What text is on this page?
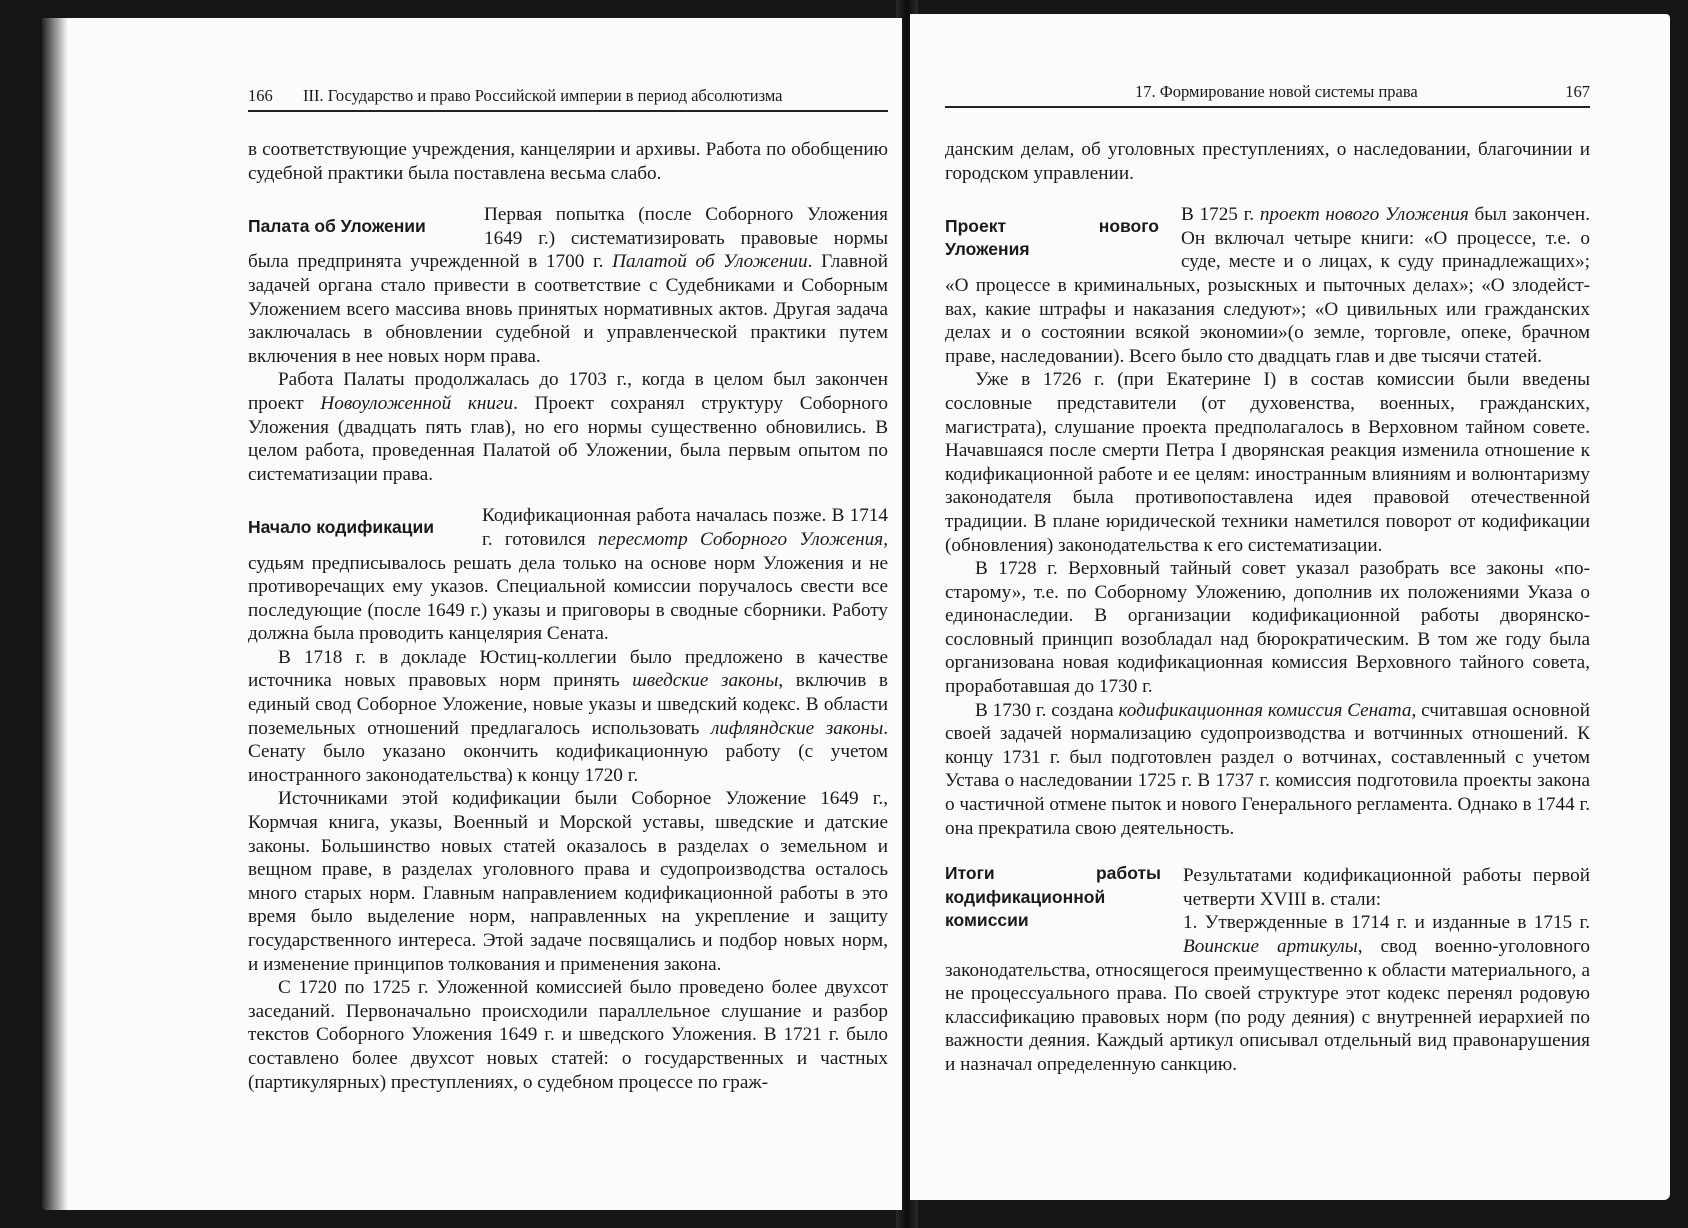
166 III. Государство и право Российской империи в период абсолютизма

в соответствующие учреждения, канцелярии и архивы. Работа по обобщению судебной практики была поставлена весьма слабо.

Палата об Уложении

Первая попытка (после Соборного Уложения 1649 г.) систематизировать правовые нормы была предпринята учрежденной в 1700 г. Палатой об Уложении. Главной задачей органа стало привести в соответствие с Судебниками и Соборным Уложением всего массива вновь принятых нормативных актов. Другая задача заключалась в обновлении судебной и управленческой практики путем включения в нее новых норм права.

Работа Палаты продолжалась до 1703 г., когда в целом был закончен проект Новоуложенной книги. Проект сохранял структуру Соборного Уложения (двадцать пять глав), но его нормы существенно обновились. В целом работа, проведенная Палатой об Уложении, была первым опытом по систематизации права.

Начало кодификации

Кодификационная работа началась позже. В 1714 г. готовился пересмотр Соборного Уложения, судьям предписывалось решать дела только на основе норм Уложения и не противоречащих ему указов. Специальной комиссии поручалось свести все последующие (после 1649 г.) указы и приговоры в сводные сборники. Работу должна была проводить канцелярия Сената.

В 1718 г. в докладе Юстиц-коллегии было предложено в качестве источника новых правовых норм принять шведские законы, включив в единый свод Соборное Уложение, новые указы и шведский кодекс. В области поземельных отношений предлагалось использовать лифляндские законы. Сенату было указано окончить кодификационную работу (с учетом иностранного законодательства) к концу 1720 г.

Источниками этой кодификации были Соборное Уложение 1649 г., Кормчая книга, указы, Военный и Морской уставы, шведские и датские законы. Большинство новых статей оказалось в разделах о земельном и вещном праве, в разделах уголовного права и судопроизводства осталось много старых норм. Главным направлением кодификационной работы в это время было выделение норм, направленных на укрепление и защиту государственного интереса. Этой задаче посвящались и подбор новых норм, и изменение принципов толкования и применения закона.

С 1720 по 1725 г. Уложенной комиссией было проведено более двухсот заседаний. Первоначально происходили параллельное слушание и разбор текстов Соборного Уложения 1649 г. и шведского Уложения. В 1721 г. было составлено более двухсот новых статей: о государственных и частных (партикулярных) преступлениях, о судебном процессе по граж-

17. Формирование новой системы права	167

данским делам, об уголовных преступлениях, о наследовании, благочинии и городском управлении.

Проект нового Уложения

В 1725 г. проект нового Уложения был закончен. Он включал четыре книги: «О процессе, т.е. о суде, месте и о лицах, к суду принадлежащих»; «О процессе в криминальных, розыскных и пыточных делах»; «О злодействах, какие штрафы и наказания следуют»; «О цивильных или гражданских делах и о состоянии всякой экономии»(о земле, торговле, опеке, брачном праве, наследовании). Всего было сто двадцать глав и две тысячи статей.

Уже в 1726 г. (при Екатерине I) в состав комиссии были введены сословные представители (от духовенства, военных, гражданских, магистрата), слушание проекта предполагалось в Верховном тайном совете. Начавшаяся после смерти Петра I дворянская реакция изменила отношение к кодификационной работе и ее целям: иностранным влияниям и волюнтаризму законодателя была противопоставлена идея правовой отечественной традиции. В плане юридической техники наметился поворот от кодификации (обновления) законодательства к его систематизации.

В 1728 г. Верховный тайный совет указал разобрать все законы «по-старому», т.е. по Соборному Уложению, дополнив их положениями Указа о единонаследии. В организации кодификационной работы дворянско-сословный принцип возобладал над бюрократическим. В том же году была организована новая кодификационная комиссия Верховного тайного совета, проработавшая до 1730 г.

В 1730 г. создана кодификационная комиссия Сената, считавшая основной своей задачей нормализацию судопроизводства и вотчинных отношений. К концу 1731 г. был подготовлен раздел о вотчинах, составленный с учетом Устава о наследовании 1725 г. В 1737 г. комиссия подготовила проекты закона о частичной отмене пыток и нового Генерального регламента. Однако в 1744 г. она прекратила свою деятельность.

Итоги работы кодификационной комиссии

Результатами кодификационной работы первой четверти XVIII в. стали:

1. Утвержденные в 1714 г. и изданные в 1715 г. Воинские артикулы, свод военно-уголовного законодательства, относящегося преимущественно к области материального, а не процессуального права. По своей структуре этот кодекс перенял родовую классификацию правовых норм (по роду деяния) с внутренней иерархией по важности деяния. Каждый артикул описывал отдельный вид правонарушения и назначал определенную санкцию.
